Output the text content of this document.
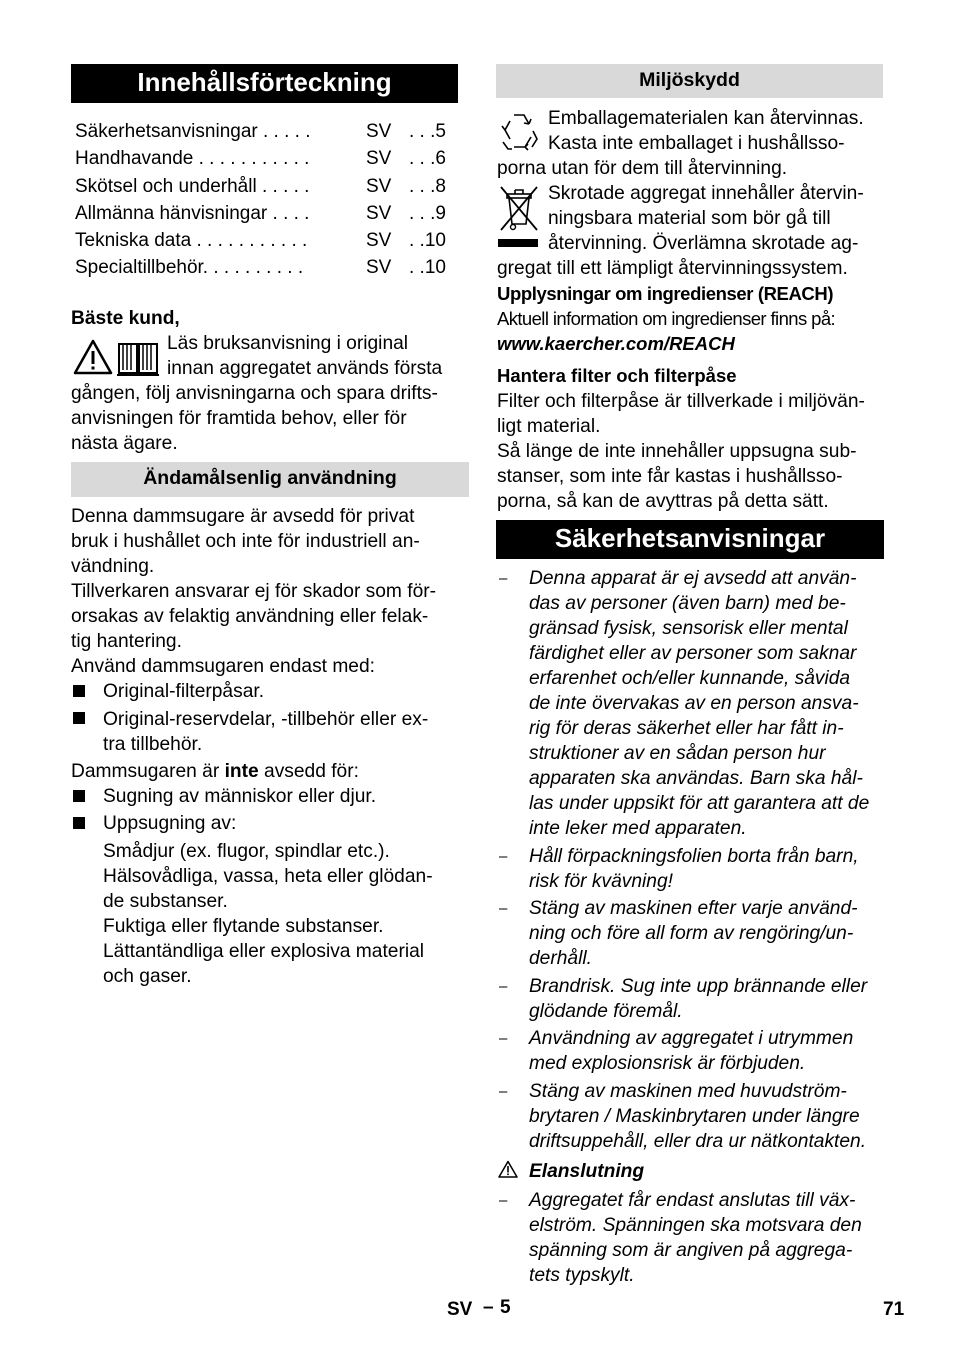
Innehållsförteckning
Säkerhetsanvisningar . . . . .	SV . . .5
Handhavande . . . . . . . . . . .	SV . . .6
Skötsel och underhåll . . . . .	SV . . .8
Allmänna hänvisningar . . . .	SV . . .9
Tekniska data . . . . . . . . . . .	SV . .10
Specialtillbehör. . . . . . . . . .	SV . .10
Bäste kund,
Läs bruksanvisning i original
innan aggregatet används första
gången, följ anvisningarna och spara drifts-
anvisningen för framtida behov, eller för
nästa ägare.
Ändamålsenlig användning
Denna dammsugare är avsedd för privat
bruk i hushållet och inte för industriell an-
vändning.
Tillverkaren ansvarar ej för skador som för-
orsakas av felaktig användning eller felak-
tig hantering.
Använd dammsugaren endast med:
Original-filterpåsar.
Original-reservdelar, -tillbehör eller ex-
tra tillbehör.
Dammsugaren är inte avsedd för:
Sugning av människor eller djur.
Uppsugning av:
Smådjur (ex. flugor, spindlar etc.).
Hälsovådliga, vassa, heta eller glödan-
de substanser.
Fuktiga eller flytande substanser.
Lättantändliga eller explosiva material
och gaser.
Miljöskydd
Emballagematerialen kan återvinnas.
Kasta inte emballaget i hushållsso-
porna utan för dem till återvinning.
Skrotade aggregat innehåller återvin-
ningsbara material som bör gå till
återvinning. Överlämna skrotade ag-
gregat till ett lämpligt återvinningssystem.
Upplysningar om ingredienser (REACH)
Aktuell information om ingredienser finns på:
www.kaercher.com/REACH
Hantera filter och filterpåse
Filter och filterpåse är tillverkade i miljövän-
ligt material.
Så länge de inte innehåller uppsugna sub-
stanser, som inte får kastas i hushållsso-
porna, så kan de avyttras på detta sätt.
Säkerhetsanvisningar
– Denna apparat är ej avsedd att använ-
das av personer (även barn) med be-
gränsad fysisk, sensorisk eller mental
färdighet eller av personer som saknar
erfarenhet och/eller kunnande, såvida
de inte övervakas av en person ansva-
rig för deras säkerhet eller har fått in-
struktioner av en sådan person hur
apparaten ska användas. Barn ska hål-
las under uppsikt för att garantera att de
inte leker med apparaten.
– Håll förpackningsfolien borta från barn,
risk för kvävning!
– Stäng av maskinen efter varje använd-
ning och före all form av rengöring/un-
derhåll.
– Brandrisk. Sug inte upp brännande eller
glödande föremål.
– Användning av aggregatet i utrymmen
med explosionsrisk är förbjuden.
– Stäng av maskinen med huvudström-
brytaren / Maskinbrytaren under längre
driftsuppehåll, eller dra ur nätkontakten.
Elanslutning
– Aggregatet får endast anslutas till väx-
elström. Spänningen ska motsvara den
spänning som är angiven på aggrega-
tets typskylt.
SV – 5	71
